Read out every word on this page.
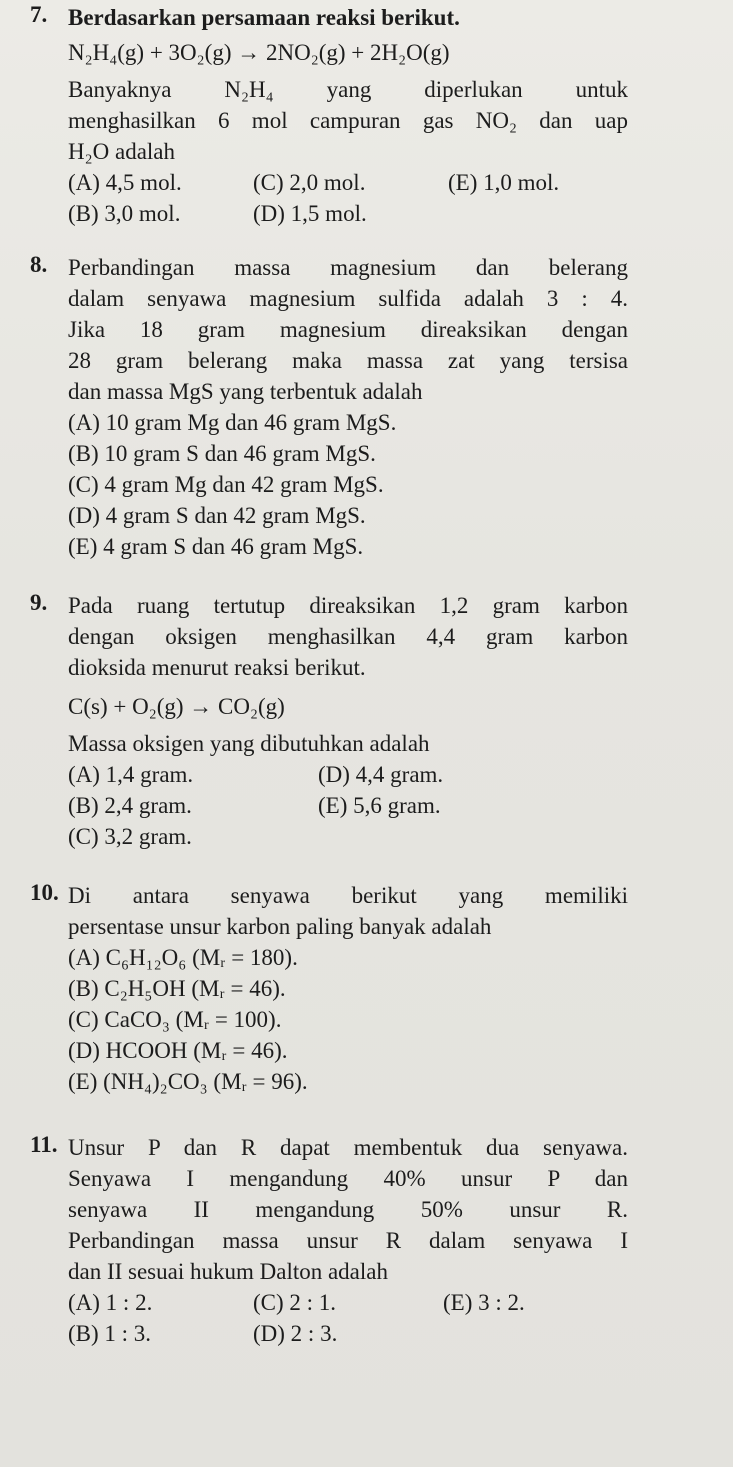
7. Berdasarkan persamaan reaksi berikut.
N₂H₄(g) + 3O₂(g) → 2NO₂(g) + 2H₂O(g)
Banyaknya N₂H₄ yang diperlukan untuk
menghasilkan 6 mol campuran gas NO₂ dan uap
H₂O adalah
(A) 4,5 mol.	(C) 2,0 mol.	(E) 1,0 mol.
(B) 3,0 mol.	(D) 1,5 mol.
8. Perbandingan massa magnesium dan belerang
dalam senyawa magnesium sulfida adalah 3 : 4.
Jika 18 gram magnesium direaksikan dengan
28 gram belerang maka massa zat yang tersisa
dan massa MgS yang terbentuk adalah
(A) 10 gram Mg dan 46 gram MgS.
(B) 10 gram S dan 46 gram MgS.
(C) 4 gram Mg dan 42 gram MgS.
(D) 4 gram S dan 42 gram MgS.
(E) 4 gram S dan 46 gram MgS.
9. Pada ruang tertutup direaksikan 1,2 gram karbon
dengan oksigen menghasilkan 4,4 gram karbon
dioksida menurut reaksi berikut.
C(s) + O₂(g) → CO₂(g)
Massa oksigen yang dibutuhkan adalah
(A) 1,4 gram.	(D) 4,4 gram.
(B) 2,4 gram.	(E) 5,6 gram.
(C) 3,2 gram.
10. Di antara senyawa berikut yang memiliki
persentase unsur karbon paling banyak adalah
(A) C₆H₁₂O₆ (Mᵣ = 180).
(B) C₂H₅OH (Mᵣ = 46).
(C) CaCO₃ (Mᵣ = 100).
(D) HCOOH (Mᵣ = 46).
(E) (NH₄)₂CO₃ (Mᵣ = 96).
11. Unsur P dan R dapat membentuk dua senyawa.
Senyawa I mengandung 40% unsur P dan
senyawa II mengandung 50% unsur R.
Perbandingan massa unsur R dalam senyawa I
dan II sesuai hukum Dalton adalah
(A) 1 : 2.	(C) 2 : 1.	(E) 3 : 2.
(B) 1 : 3.	(D) 2 : 3.
